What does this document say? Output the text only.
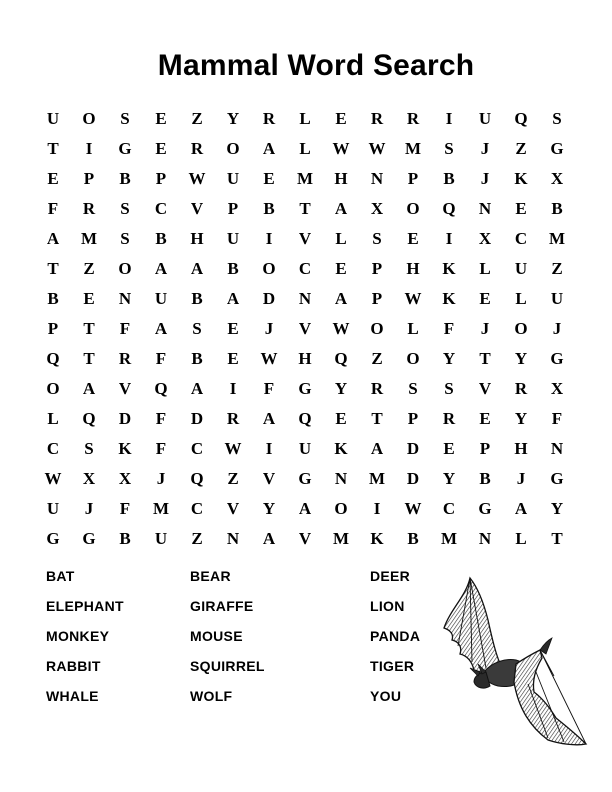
Mammal Word Search
U	O	S	E	Z	Y	R	L	E	R	R	I	U	Q	S
T	I	G	E	R	O	A	L	W	W	M	S	J	Z	G
E	P	B	P	W	U	E	M	H	N	P	B	J	K	X
F	R	S	C	V	P	B	T	A	X	O	Q	N	E	B
A	M	S	B	H	U	I	V	L	S	E	I	X	C	M
T	Z	O	A	A	B	O	C	E	P	H	K	L	U	Z
B	E	N	U	B	A	D	N	A	P	W	K	E	L	U
P	T	F	A	S	E	J	V	W	O	L	F	J	O	J
Q	T	R	F	B	E	W	H	Q	Z	O	Y	T	Y	G
O	A	V	Q	A	I	F	G	Y	R	S	S	V	R	X
L	Q	D	F	D	R	A	Q	E	T	P	R	E	Y	F
C	S	K	F	C	W	I	U	K	A	D	E	P	H	N
W	X	X	J	Q	Z	V	G	N	M	D	Y	B	J	G
U	J	F	M	C	V	Y	A	O	I	W	C	G	A	Y
G	G	B	U	Z	N	A	V	M	K	B	M	N	L	T
BAT	BEAR	DEER
ELEPHANT	GIRAFFE	LION
MONKEY	MOUSE	PANDA
RABBIT	SQUIRREL	TIGER
WHALE	WOLF	YOU
